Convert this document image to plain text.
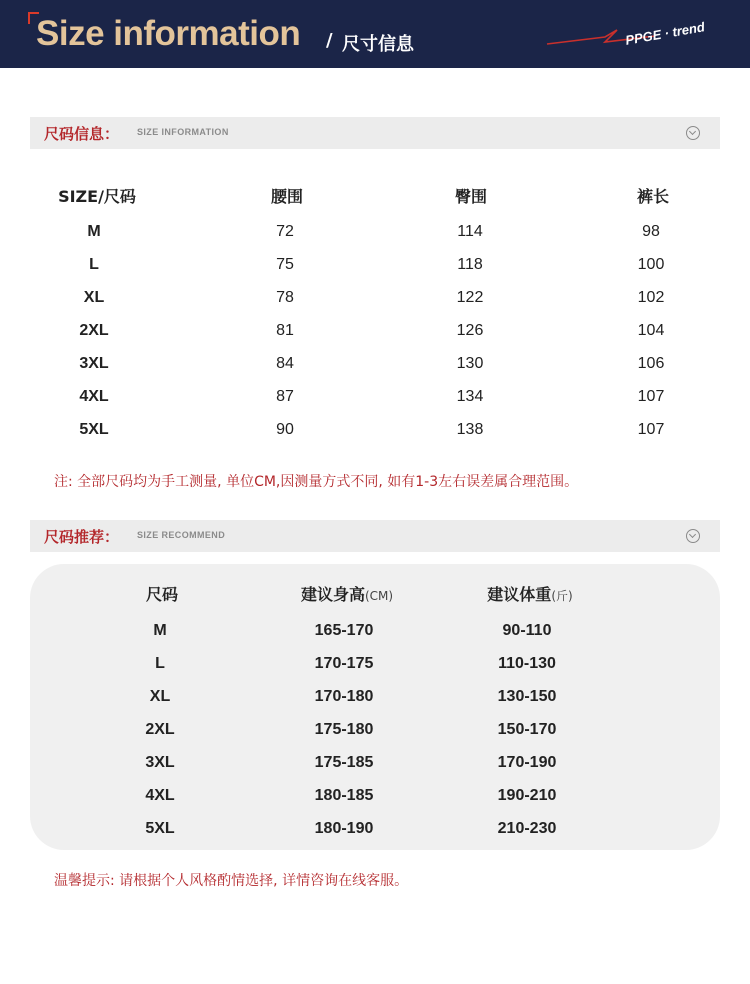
Size information / 尺寸信息	PPGE · trend
尺码信息： SIZE INFORMATION
SIZE/尺码	腰围	臀围	裤长
M	72	114	98
L	75	118	100
XL	78	122	102
2XL	81	126	104
3XL	84	130	106
4XL	87	134	107
5XL	90	138	107
注: 全部尺码均为手工测量, 单位CM,因测量方式不同, 如有1-3左右误差属合理范围。
尺码推荐： SIZE RECOMMEND
尺码	建议身高(CM)	建议体重(斤)
M	165-170	90-110
L	170-175	110-130
XL	170-180	130-150
2XL	175-180	150-170
3XL	175-185	170-190
4XL	180-185	190-210
5XL	180-190	210-230
温馨提示: 请根据个人风格酌情选择, 详情咨询在线客服。
